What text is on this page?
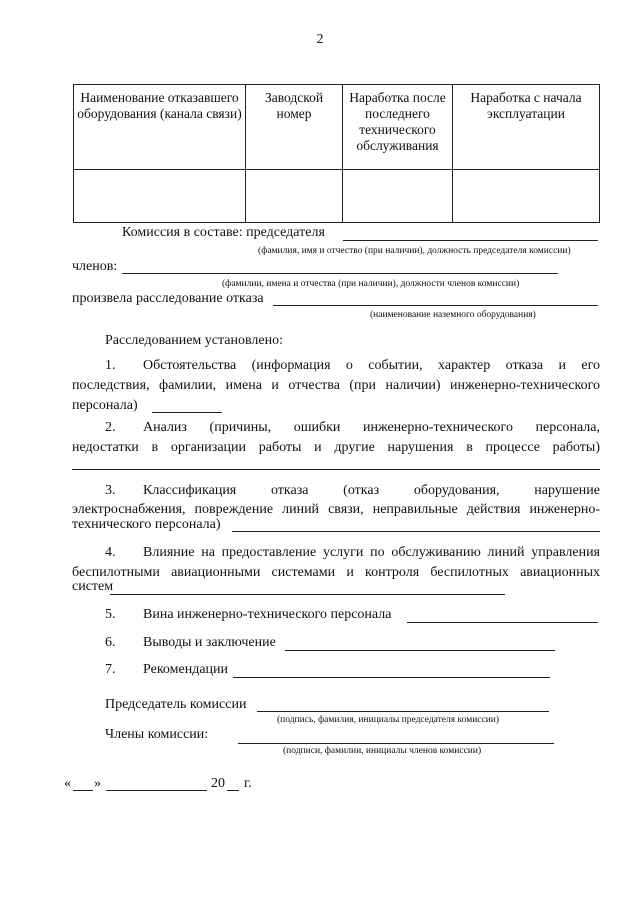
2
Наименование отказавшего оборудования (канала связи)	Заводской номер	Наработка после последнего технического обслуживания	Наработка с начала эксплуатации

Комиссия в составе: председателя
(фамилия, имя и отчество (при наличии), должность председателя комиссии)
членов:
(фамилии, имена и отчества (при наличии), должности членов комиссии)
произвела расследование отказа
(наименование наземного оборудования)
Расследованием установлено:
1. Обстоятельства (информация о событии, характер отказа и его
последствия, фамилии, имена и отчества (при наличии) инженерно-технического
персонала)
2. Анализ (причины, ошибки инженерно-технического персонала,
недостатки в организации работы и другие нарушения в процессе работы)
3. Классификация отказа (отказ оборудования, нарушение
электроснабжения, повреждение линий связи, неправильные действия инженерно-
технического персонала)
4. Влияние на предоставление услуги по обслуживанию линий управления
беспилотными авиационными системами и контроля беспилотных авиационных
систем
5. Вина инженерно-технического персонала
6. Выводы и заключение
7. Рекомендации
Председатель комиссии
(подпись, фамилия, инициалы председателя комиссии)
Члены комиссии:
(подписи, фамилии, инициалы членов комиссии)
« »	20 г.
